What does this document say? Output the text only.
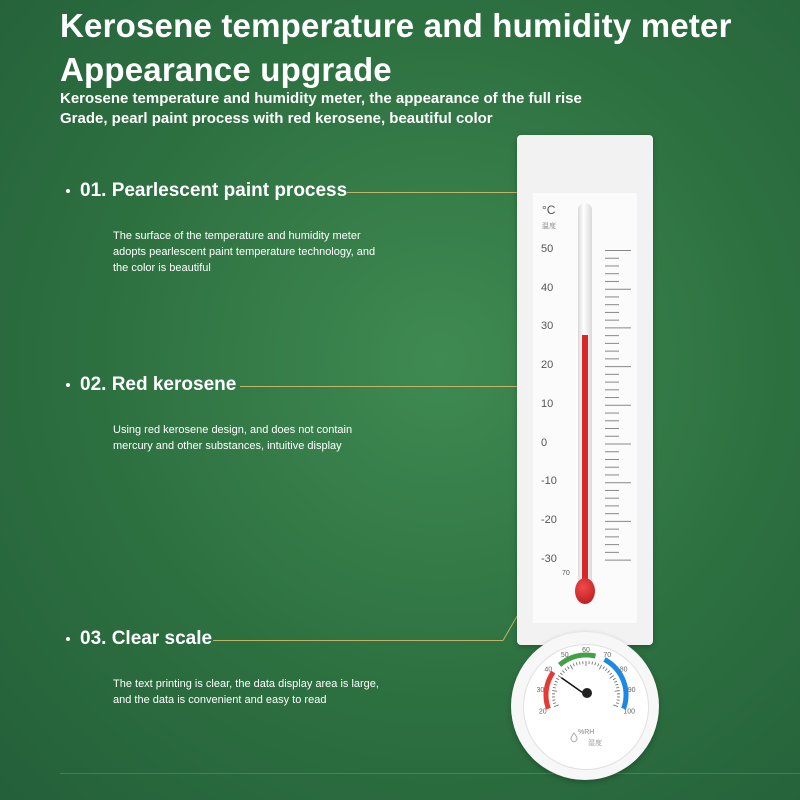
Kerosene temperature and humidity meter
Appearance upgrade

Kerosene temperature and humidity meter, the appearance of the full rise
Grade, pearl paint process with red kerosene, beautiful color

01. Pearlescent paint process

The surface of the temperature and humidity meter
adopts pearlescent paint temperature technology, and
the color is beautiful

02. Red kerosene

Using red kerosene design, and does not contain
mercury and other substances, intuitive display

03. Clear scale

The text printing is clear, the data display area is large,
and the data is convenient and easy to read

°C
温度
50
40
30
20
10
0
-10
-20
-30
70
20
30
40
50
60
70
80
90
100
%RH
湿度
